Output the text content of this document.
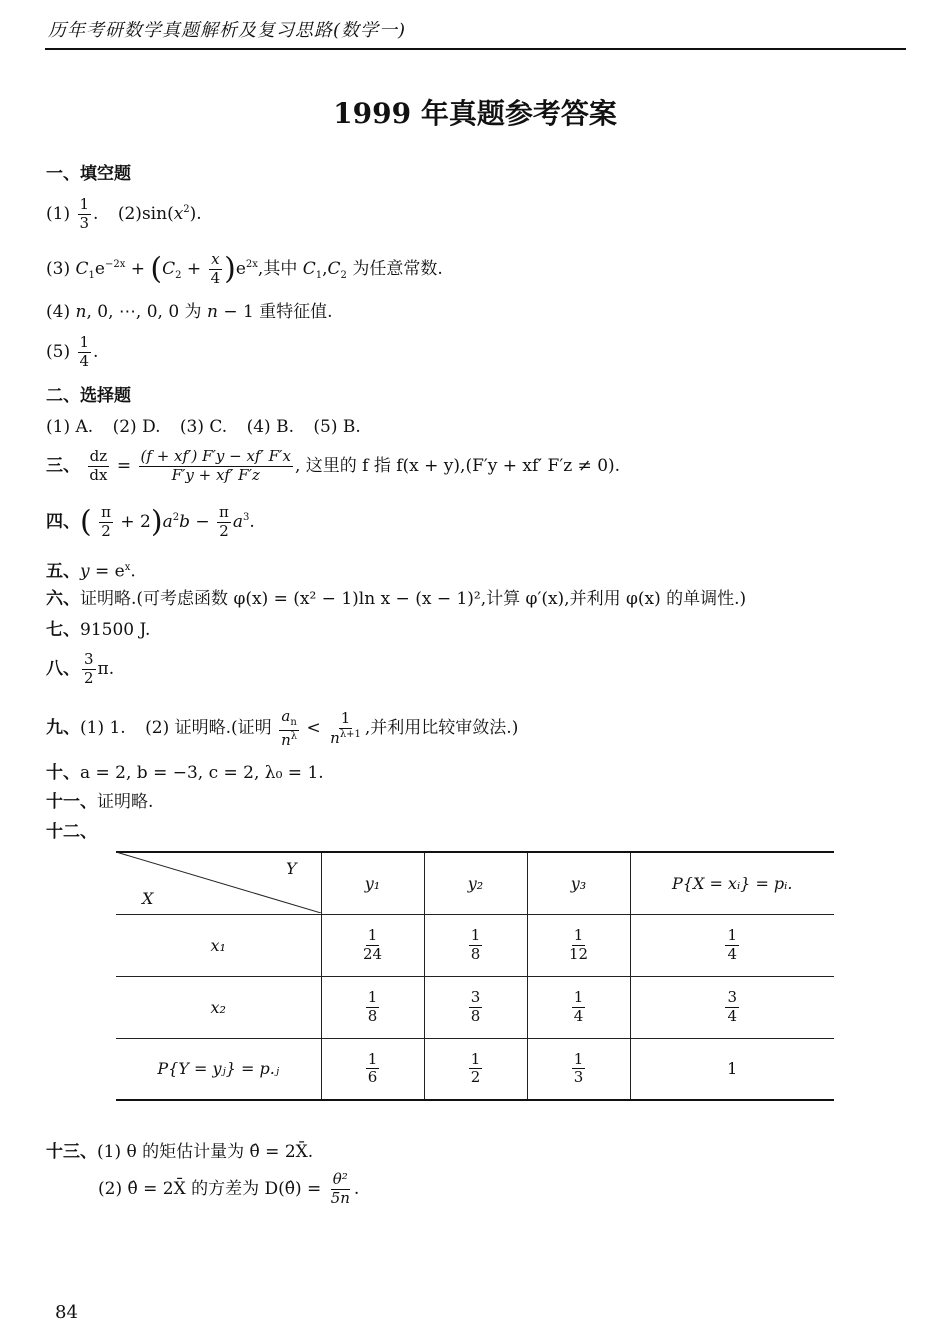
历年考研数学真题解析及复习思路(数学一)
1999 年真题参考答案
一、填空题
$(1) \frac{1}{3}$ . $(2)\sin(x^2)$.
(3) $C_1e^{-2x} + (C_2 + \frac{x}{4} )e^{2x}$,其中 $C_1,C_2$ 为任意常数.
(4) n, 0, ⋯, 0, 0 为 n − 1 重特征值.
$(5) \frac{1}{4}$ .
二、选择题
(1) A. (2) D. (3) C. (4) B. (5) B.
三、 $\frac{dz}{dx} = \frac{(f + xf') F'y - xf' F'x}{F'y + xf' F'z}$ , 这里的 f 指 f(x + y),(F′y + xf′ F′z ≠ 0).
四、( $\frac{\pi}{2} + 2)a^2b - \frac{\pi}{2} a^3$.
五、$y = e^x$.
六、证明略.(可考虑函数 φ(x) = (x² − 1)ln x − (x − 1)²,计算 φ′(x),并利用 φ(x) 的单调性.)
七、91500 J.
八、 $\frac{3}{2} \pi$.
九、(1) 1. (2) 证明略.(证明 $\frac{a_n}{n^\lambda} < \frac{1}{n^{\lambda+1}}$ ,并利用比较审敛法.)
十、a = 2, b = −3, c = 2, λ₀ = 1.
十一、证明略.
十二、
Y
X	y₁	y₂	y₃	P{X = xᵢ} = pᵢ.
x₁	$\frac{1}{24}$	$\frac{1}{8}$	$\frac{1}{12}$	$\frac{1}{4}$

x₂	$\frac{1}{8}$	$\frac{3}{8}$	$\frac{1}{4}$	$\frac{3}{4}$

P{Y = yⱼ} = p.ⱼ	$\frac{1}{6}$	$\frac{1}{2}$	$\frac{1}{3}$	1
十三、(1) θ 的矩估计量为 θ̂ = 2X̄.
(2) θ̂ = 2X̄ 的方差为 D(θ̂) = $\frac{\text{θ²}}{5n}$ .
84
